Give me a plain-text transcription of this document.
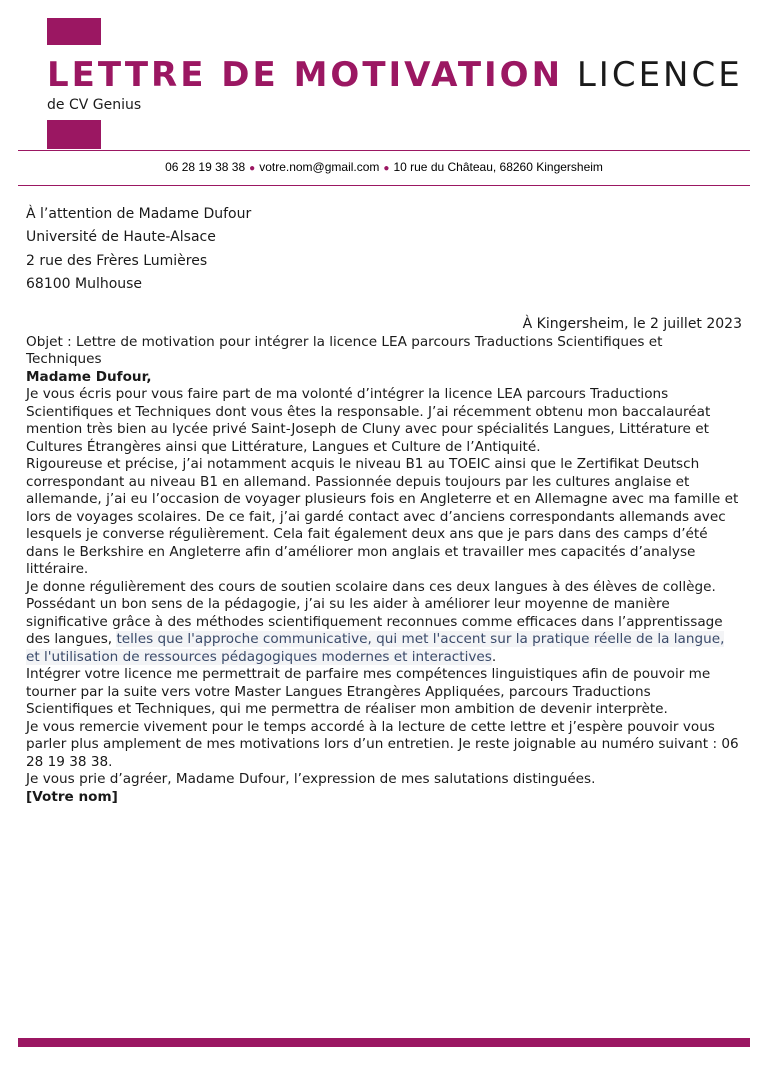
LETTRE DE MOTIVATION LICENCE
de CV Genius
06 28 19 38 38 ● votre.nom@gmail.com ● 10 rue du Château, 68260 Kingersheim
À l’attention de Madame Dufour
Université de Haute-Alsace
2 rue des Frères Lumières
68100 Mulhouse
À Kingersheim, le 2 juillet 2023

Objet : Lettre de motivation pour intégrer la licence LEA parcours Traductions Scientifiques et Techniques

Madame Dufour,

Je vous écris pour vous faire part de ma volonté d’intégrer la licence LEA parcours Traductions Scientifiques et Techniques dont vous êtes la responsable. J’ai récemment obtenu mon baccalauréat mention très bien au lycée privé Saint-Joseph de Cluny avec pour spécialités Langues, Littérature et Cultures Étrangères ainsi que Littérature, Langues et Culture de l’Antiquité.

Rigoureuse et précise, j’ai notamment acquis le niveau B1 au TOEIC ainsi que le Zertifikat Deutsch correspondant au niveau B1 en allemand. Passionnée depuis toujours par les cultures anglaise et allemande, j’ai eu l’occasion de voyager plusieurs fois en Angleterre et en Allemagne avec ma famille et lors de voyages scolaires. De ce fait, j’ai gardé contact avec d’anciens correspondants allemands avec lesquels je converse régulièrement. Cela fait également deux ans que je pars dans des camps d’été dans le Berkshire en Angleterre afin d’améliorer mon anglais et travailler mes capacités d’analyse littéraire.

Je donne régulièrement des cours de soutien scolaire dans ces deux langues à des élèves de collège. Possédant un bon sens de la pédagogie, j’ai su les aider à améliorer leur moyenne de manière significative grâce à des méthodes scientifiquement reconnues comme efficaces dans l’apprentissage des langues, telles que l'approche communicative, qui met l'accent sur la pratique réelle de la langue, et l'utilisation de ressources pédagogiques modernes et interactives.

Intégrer votre licence me permettrait de parfaire mes compétences linguistiques afin de pouvoir me tourner par la suite vers votre Master Langues Etrangères Appliquées, parcours Traductions Scientifiques et Techniques, qui me permettra de réaliser mon ambition de devenir interprète.

Je vous remercie vivement pour le temps accordé à la lecture de cette lettre et j’espère pouvoir vous parler plus amplement de mes motivations lors d’un entretien. Je reste joignable au numéro suivant : 06 28 19 38 38.

Je vous prie d’agréer, Madame Dufour, l’expression de mes salutations distinguées.

[Votre nom]
